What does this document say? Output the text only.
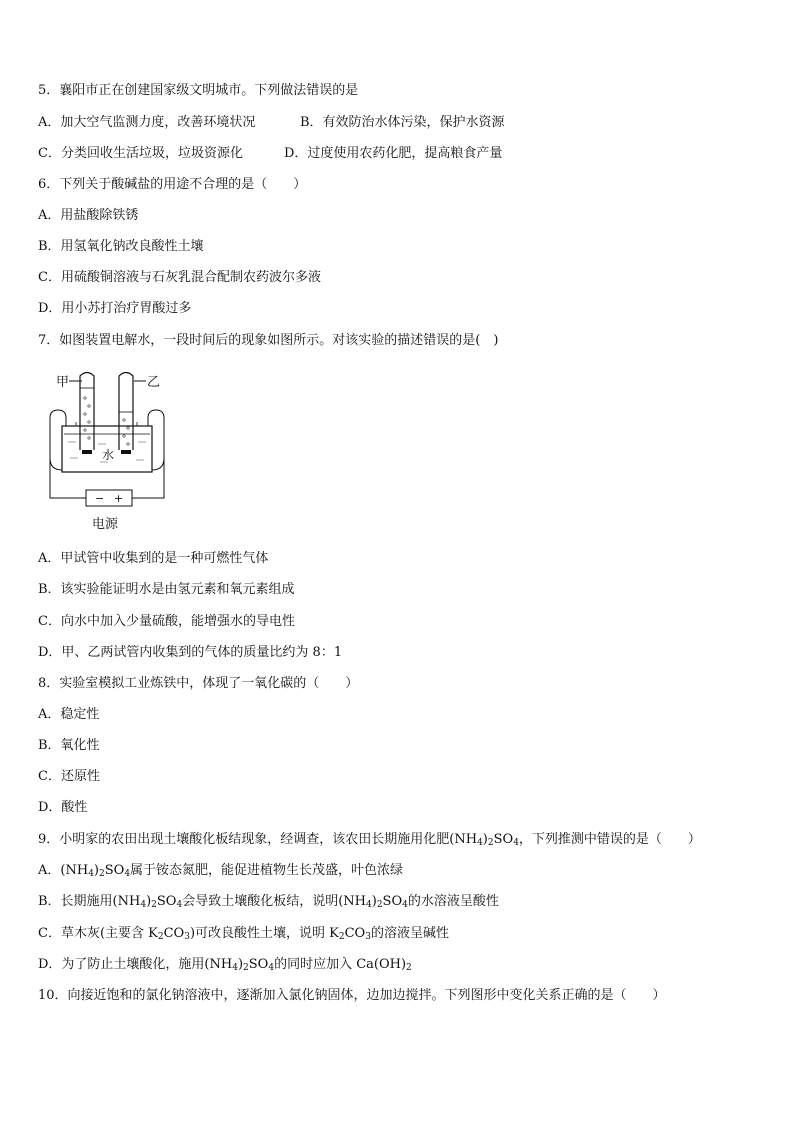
5．襄阳市正在创建国家级文明城市。下列做法错误的是
A．加大空气监测力度，改善环境状况	B．有效防治水体污染，保护水资源
C．分类回收生活垃圾，垃圾资源化	D．过度使用农药化肥，提高粮食产量
6．下列关于酸碱盐的用途不合理的是（　　）
A．用盐酸除铁锈
B．用氢氧化钠改良酸性土壤
C．用硫酸铜溶液与石灰乳混合配制农药波尔多液
D．用小苏打治疗胃酸过多
7．如图装置电解水，一段时间后的现象如图所示。对该实验的描述错误的是(　)
甲	乙
水
− +
电源
A．甲试管中收集到的是一种可燃性气体
B．该实验能证明水是由氢元素和氧元素组成
C．向水中加入少量硫酸，能增强水的导电性
D．甲、乙两试管内收集到的气体的质量比约为 8：1
8．实验室模拟工业炼铁中，体现了一氧化碳的（　　）
A．稳定性
B．氧化性
C．还原性
D．酸性
9．小明家的农田出现土壤酸化板结现象，经调查，该农田长期施用化肥$(NH_4)_2SO_4$，下列推测中错误的是（　　）
A．$(NH_4)_2SO_4$属于铵态氮肥，能促进植物生长茂盛，叶色浓绿
B．长期施用$(NH_4)_2SO_4$会导致土壤酸化板结，说明$(NH_4)_2SO_4$的水溶液呈酸性
C．草木灰(主要含 $K_2CO_3$)可改良酸性土壤，说明 $K_2CO_3$的溶液呈碱性
D．为了防止土壤酸化，施用$(NH_4)_2SO_4$的同时应加入 $Ca(OH)_2$
10．向接近饱和的氯化钠溶液中，逐渐加入氯化钠固体，边加边搅拌。下列图形中变化关系正确的是（　　）
